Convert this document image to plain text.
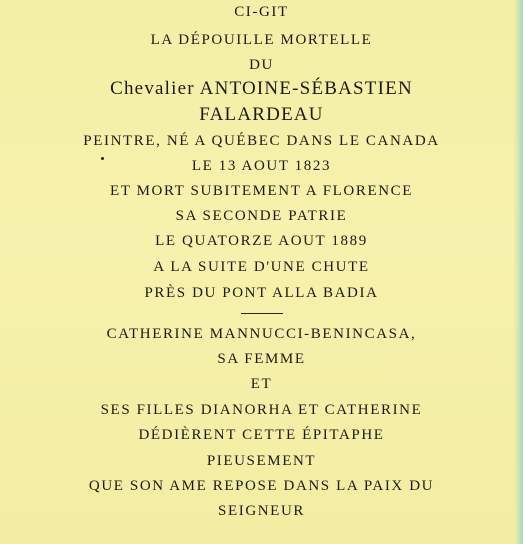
CI-GIT
LA DÉPOUILLE MORTELLE
DU
Chevalier ANTOINE-SÉBASTIEN
FALARDEAU
PEINTRE, NÉ A QUÉBEC DANS LE CANADA
LE 13 AOUT 1823
ET MORT SUBITEMENT A FLORENCE
SA SECONDE PATRIE
LE QUATORZE AOUT 1889
A LA SUITE D'UNE CHUTE
PRÈS DU PONT ALLA BADIA
CATHERINE MANNUCCI-BENINCASA,
SA FEMME
ET
SES FILLES DIANORHA ET CATHERINE
DÉDIÈRENT CETTE ÉPITAPHE
PIEUSEMENT
QUE SON AME REPOSE DANS LA PAIX DU
SEIGNEUR
